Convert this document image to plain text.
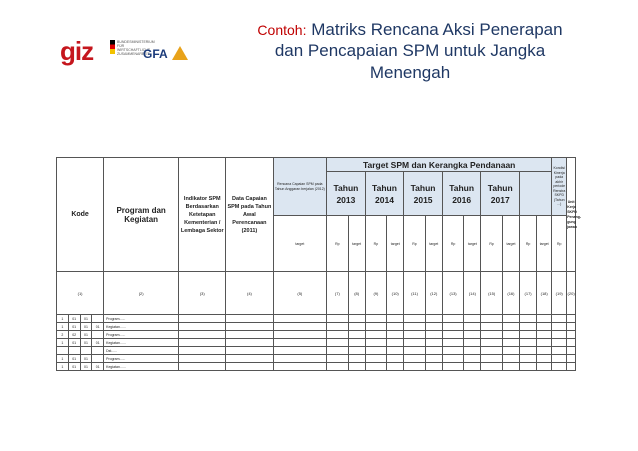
giz	BUNDESMINISTERIUM FÜR WIRTSCHAFTLICHE ZUSAMMENARBEIT
GFA
Contoh: Matriks Rencana Aksi Penerapan
dan Pencapaian SPM untuk Jangka
Menengah
Kode				Program dan Kegiatan	Indikator SPM Berdasarkan Ketetapan Kementerian / Lembaga Sektor	Data Capaian SPM pada Tahun Awal Perencanaan (2011)	Rencana Capaian SPM pada Tahun Anggaran berjalan (2012)	Target SPM dan Kerangka Pendanaan												Kondisi Kinerja pada akhir periode Renstra SKPD (Tahun ...)	Unit Kerja SKPD Penang-gung jawab
								Tahun 2013		Tahun 2014		Tahun 2015		Tahun 2016		Tahun 2017					
							target	Rp	target	Rp	target	Rp	target	Rp	target	Rp	target	Rp	target	Rp	
(1)				(2)	(3)	(4)	(5)	(7)	(8)	(9)	(10)	(11)	(12)	(13)	(14)	(15)	(16)	(17)	(18)	(19)	(20)
1	01	01		Program......																	
1	01	01	01	Kegiatan......																	
2	02	01		Program......																	
1	01	01	01	Kegiatan......																	
				Dst......																	
1	01	01		Program......																	
1	01	01	01	Kegiatan......																	
